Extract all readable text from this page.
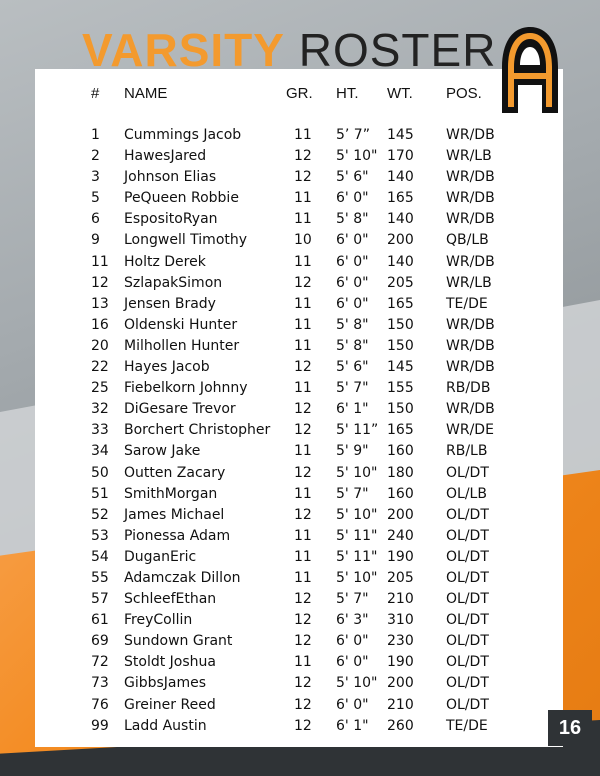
VARSITY ROSTER
# NAME	GR. HT. WT. POS.
1 Cummings Jacob	11 5’ 7” 145 WR/DB
2 HawesJared	12 5' 10" 170 WR/LB
3 Johnson Elias	12 5' 6" 140 WR/DB
5 PeQueen Robbie	11 6' 0" 165 WR/DB
6 EspositoRyan	11 5' 8" 140 WR/DB
9 Longwell Timothy	10 6' 0" 200 QB/LB
11 Holtz Derek	11 6' 0" 140 WR/DB
12 SzlapakSimon	12 6' 0" 205 WR/LB
13 Jensen Brady	11 6' 0" 165 TE/DE
16 Oldenski Hunter	11 5' 8" 150 WR/DB
20 Milhollen Hunter	11 5' 8" 150 WR/DB
22 Hayes Jacob	12 5' 6" 145 WR/DB
25 Fiebelkorn Johnny	11 5' 7" 155 RB/DB
32 DiGesare Trevor	12 6' 1" 150 WR/DB
33 Borchert Christopher 12 5' 11” 165 WR/DE
34 Sarow Jake	11 5' 9" 160 RB/LB
50 Outten Zacary	12 5' 10" 180 OL/DT
51 SmithMorgan	11 5' 7" 160 OL/LB
52 James Michael	12 5' 10" 200 OL/DT
53 Pionessa Adam	11 5' 11" 240 OL/DT
54 DuganEric	11 5' 11" 190 OL/DT
55 Adamczak Dillon	11 5' 10" 205 OL/DT
57 SchleefEthan	12 5' 7" 210 OL/DT
61 FreyCollin	12 6' 3" 310 OL/DT
69 Sundown Grant	12 6' 0" 230 OL/DT
72 Stoldt Joshua	11 6' 0" 190 OL/DT
73 GibbsJames	12 5' 10" 200 OL/DT
76 Greiner Reed	12 6' 0" 210 OL/DT
99 Ladd Austin	12 6' 1" 260 TE/DE	16
